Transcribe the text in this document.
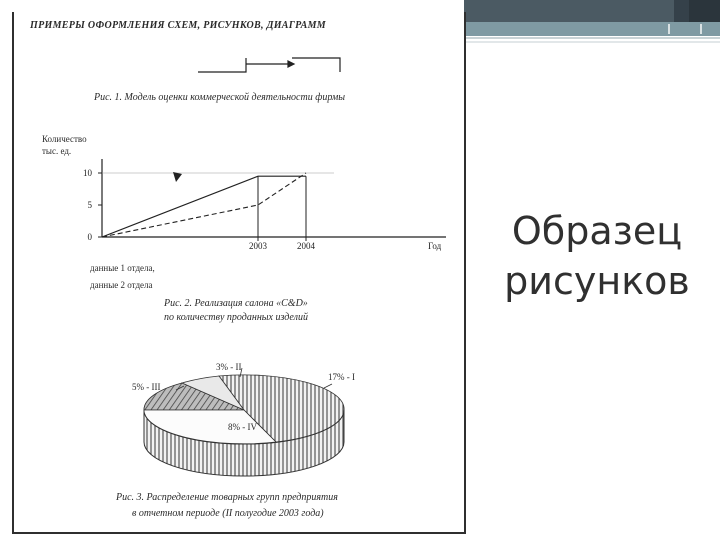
0
5
10
2003	2004	Год
ПРИМЕРЫ ОФОРМЛЕНИЯ СХЕМ, РИСУНКОВ, ДИАГРАММ
Рис. 1. Модель оценки коммерческой деятельности фирмы
Количество
тыс. ед.
данные 1 отдела,
данные 2 отдела
Рис. 2. Реализация салона «C&D»
по количеству проданных изделий
3% - II
17% - I
5% - III
8% - IV
Рис. 3. Распределение товарных групп предприятия
в отчетном периоде (II полугодие 2003 года)
Образец
рисунков
